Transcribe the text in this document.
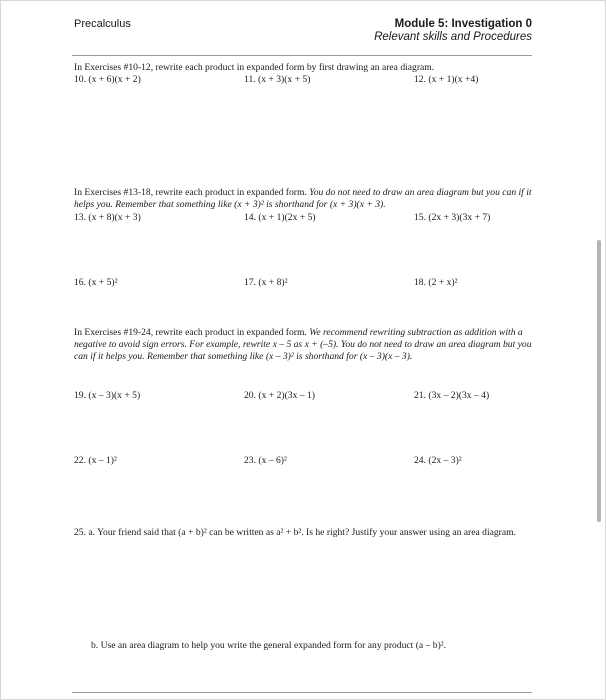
Precalculus	Module 5: Investigation 0
Relevant skills and Procedures
In Exercises #10-12, rewrite each product in expanded form by first drawing an area diagram.
10. (x + 6)(x + 2)	11. (x + 3)(x + 5)	12. (x + 1)(x +4)
In Exercises #13-18, rewrite each product in expanded form. You do not need to draw an area diagram but you can if it helps you. Remember that something like (x + 3)² is shorthand for (x + 3)(x + 3).
13. (x + 8)(x + 3)	14. (x + 1)(2x + 5)	15. (2x + 3)(3x + 7)
16. (x + 5)²	17. (x + 8)²	18. (2 + x)²
In Exercises #19-24, rewrite each product in expanded form. We recommend rewriting subtraction as addition with a negative to avoid sign errors. For example, rewrite x – 5 as x + (–5). You do not need to draw an area diagram but you can if it helps you. Remember that something like (x – 3)² is shorthand for (x – 3)(x – 3).
19. (x – 3)(x + 5)	20. (x + 2)(3x – 1)	21. (3x – 2)(3x – 4)
22. (x – 1)²	23. (x – 6)²	24. (2x – 3)²
25. a. Your friend said that (a + b)² can be written as a² + b². Is he right? Justify your answer using an area diagram.
b. Use an area diagram to help you write the general expanded form for any product (a – b)².
